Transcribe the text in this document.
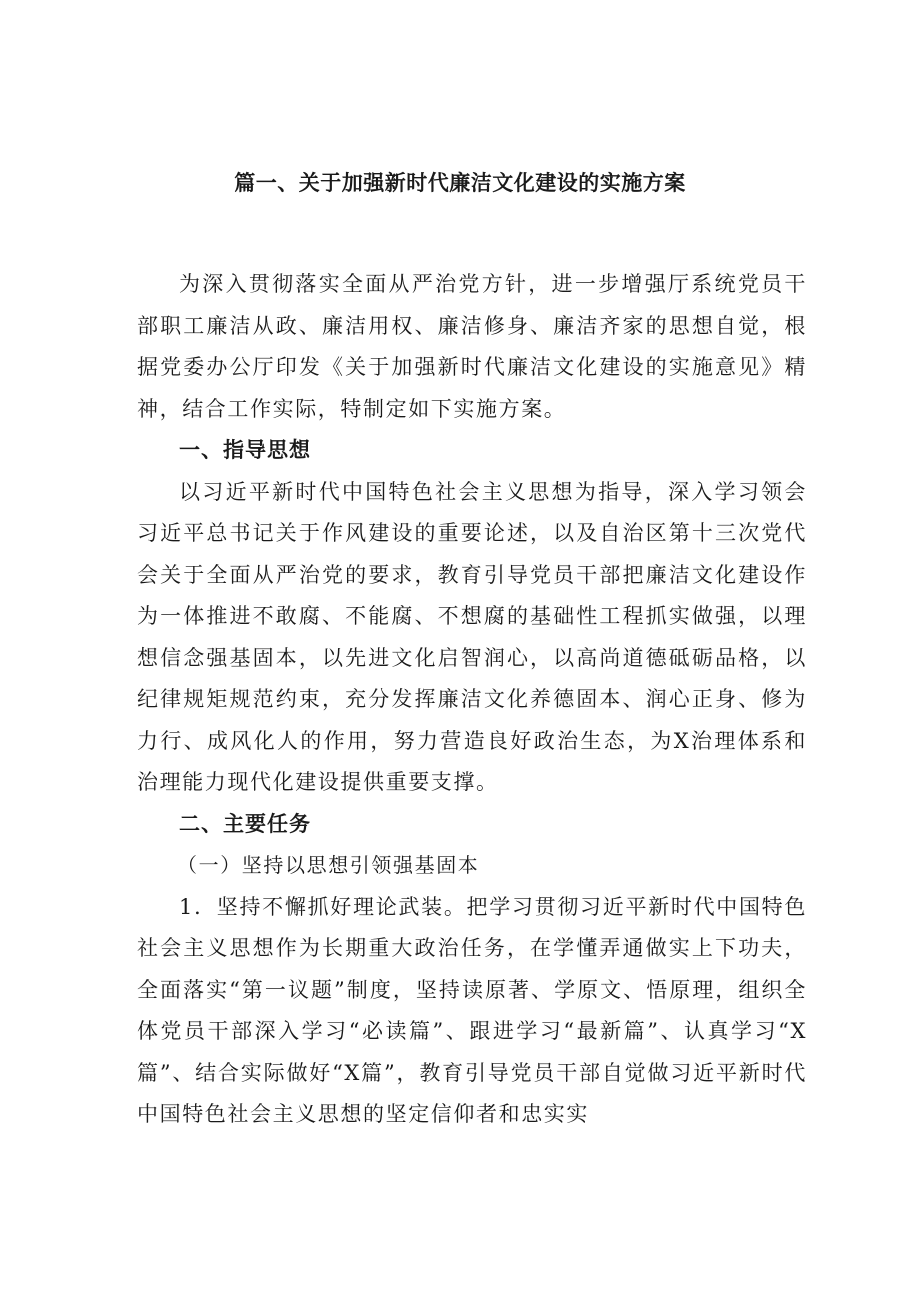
篇一、关于加强新时代廉洁文化建设的实施方案

为深入贯彻落实全面从严治党方针，进一步增强厅系统党员干部职工廉洁从政、廉洁用权、廉洁修身、廉洁齐家的思想自觉，根据党委办公厅印发《关于加强新时代廉洁文化建设的实施意见》精神，结合工作实际，特制定如下实施方案。

一、指导思想

以习近平新时代中国特色社会主义思想为指导，深入学习领会习近平总书记关于作风建设的重要论述，以及自治区第十三次党代会关于全面从严治党的要求，教育引导党员干部把廉洁文化建设作为一体推进不敢腐、不能腐、不想腐的基础性工程抓实做强，以理想信念强基固本，以先进文化启智润心，以高尚道德砥砺品格，以纪律规矩规范约束，充分发挥廉洁文化养德固本、润心正身、修为力行、成风化人的作用，努力营造良好政治生态，为X治理体系和治理能力现代化建设提供重要支撑。

二、主要任务

（一）坚持以思想引领强基固本

1．坚持不懈抓好理论武装。把学习贯彻习近平新时代中国特色社会主义思想作为长期重大政治任务，在学懂弄通做实上下功夫，全面落实“第一议题”制度，坚持读原著、学原文、悟原理，组织全体党员干部深入学习“必读篇”、跟进学习“最新篇”、认真学习“X篇”、结合实际做好“X篇”，教育引导党员干部自觉做习近平新时代中国特色社会主义思想的坚定信仰者和忠实实
